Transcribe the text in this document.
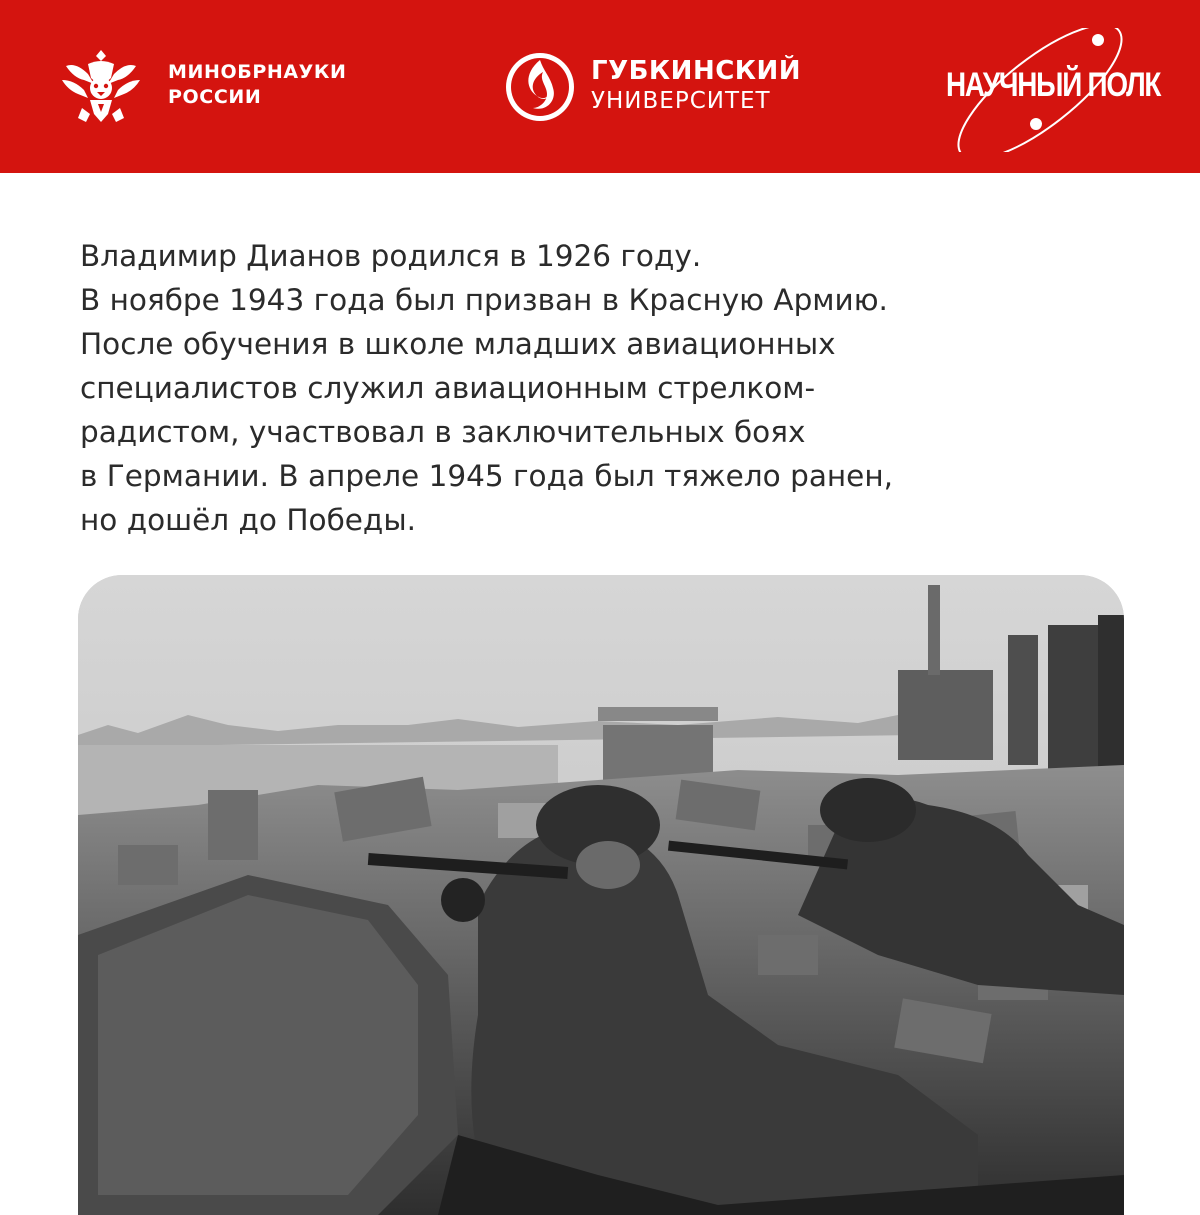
МИНОБРНАУКИ
РОССИИ
ГУБКИНСКИЙ
УНИВЕРСИТЕТ	НАУЧНЫЙ ПОЛК
Владимир Дианов родился в 1926 году.
В ноябре 1943 года был призван в Красную Армию.
После обучения в школе младших авиационных
специалистов служил авиационным стрелком-
радистом, участвовал в заключительных боях
в Германии. В апреле 1945 года был тяжело ранен,
но дошёл до Победы.
